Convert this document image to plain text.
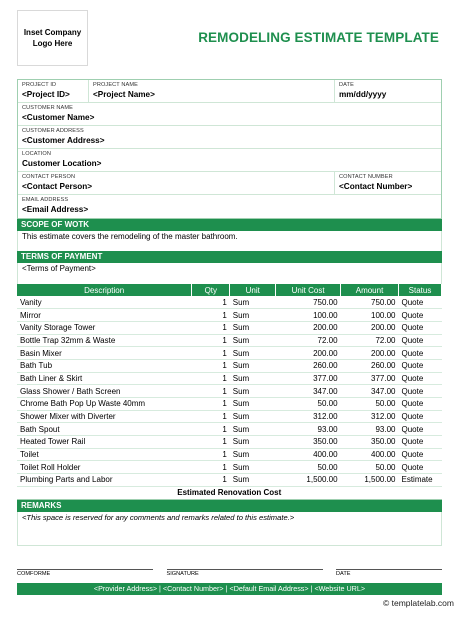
Inset Company
Logo Here	REMODELING ESTIMATE TEMPLATE
PROJECT ID
<Project ID>
PROJECT NAME
<Project Name>
DATE
mm/dd/yyyy
CUSTOMER NAME
<Customer Name>
CUSTOMER ADDRESS
<Customer Address>
LOCATION
Customer Location>
CONTACT PERSON
<Contact Person>
CONTACT NUMBER
<Contact Number>
EMAIL ADDRESS
<Email Address>
SCOPE OF WOTK
This estimate covers the remodeling of the master bathroom.
TERMS OF PAYMENT
<Terms of Payment>
Description	Qty	Unit	Unit Cost	Amount	Status
Vanity	1	Sum	750.00	750.00	Quote
Mirror	1	Sum	100.00	100.00	Quote
Vanity Storage Tower	1	Sum	200.00	200.00	Quote
Bottle Trap 32mm & Waste	1	Sum	72.00	72.00	Quote
Basin Mixer	1	Sum	200.00	200.00	Quote
Bath Tub	1	Sum	260.00	260.00	Quote
Bath Liner & Skirt	1	Sum	377.00	377.00	Quote
Glass Shower / Bath Screen	1	Sum	347.00	347.00	Quote
Chrome Bath Pop Up Waste 40mm	1	Sum	50.00	50.00	Quote
Shower Mixer with Diverter	1	Sum	312.00	312.00	Quote
Bath Spout	1	Sum	93.00	93.00	Quote
Heated Tower Rail	1	Sum	350.00	350.00	Quote
Toilet	1	Sum	400.00	400.00	Quote
Toilet Roll Holder	1	Sum	50.00	50.00	Quote
Plumbing Parts and Labor	1	Sum	1,500.00	1,500.00	Estimate
Estimated Renovation Cost					
REMARKS
<This space is reserved for any comments and remarks related to this estimate.>
COMFORME	SIGNATURE	DATE
<Provider Address> | <Contact Number> | <Default Email Address> | <Website URL>
© templatelab.com
